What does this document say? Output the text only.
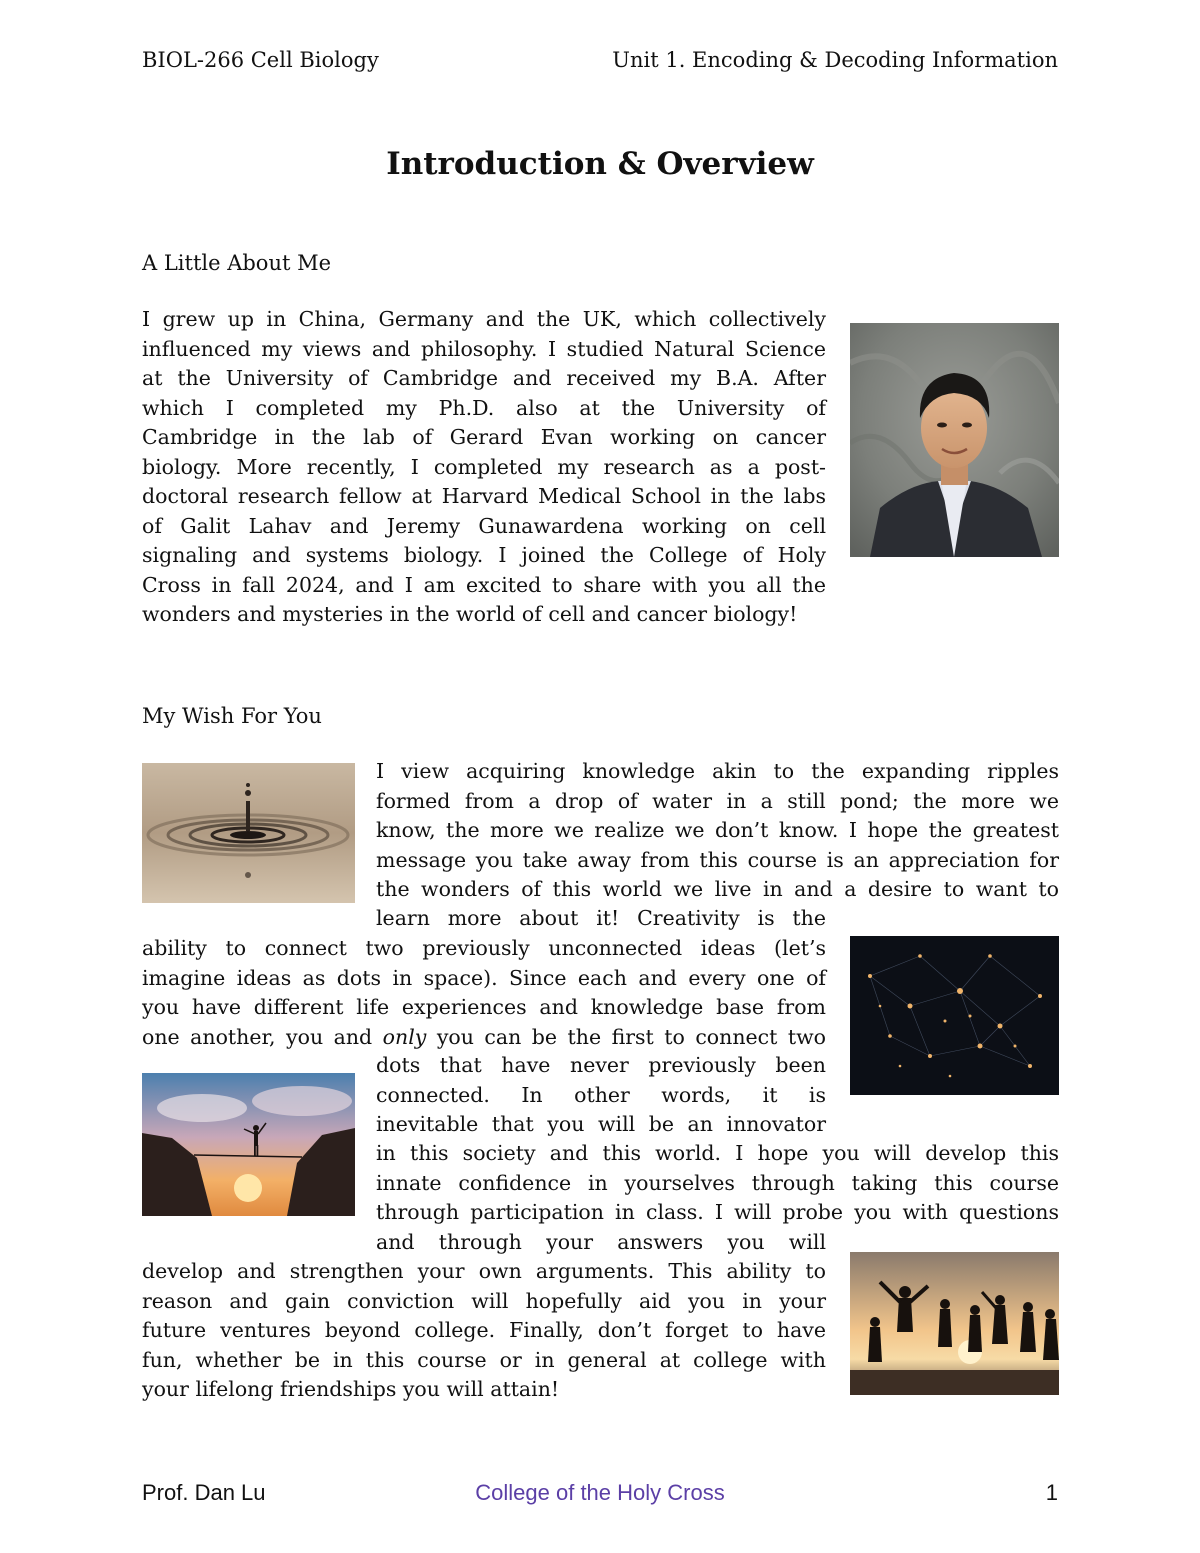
BIOL-266 Cell Biology	Unit 1. Encoding & Decoding Information
Introduction & Overview
A Little About Me

I grew up in China, Germany and the UK, which collectively
influenced my views and philosophy. I studied Natural Science
at the University of Cambridge and received my B.A. After
which I completed my Ph.D. also at the University of
Cambridge in the lab of Gerard Evan working on cancer
biology. More recently, I completed my research as a post-
doctoral research fellow at Harvard Medical School in the labs
of Galit Lahav and Jeremy Gunawardena working on cell
signaling and systems biology. I joined the College of Holy
Cross in fall 2024, and I am excited to share with you all the
wonders and mysteries in the world of cell and cancer biology!

My Wish For You

I view acquiring knowledge akin to the expanding ripples
formed from a drop of water in a still pond; the more we
know, the more we realize we don’t know. I hope the greatest
message you take away from this course is an appreciation for
the wonders of this world we live in and a desire to want to

learn more about it! Creativity is the

ability to connect two previously unconnected ideas (let’s
imagine ideas as dots in space). Since each and every one of
you have different life experiences and knowledge base from
one another, you and only you can be the first to connect two

dots that have never previously been
connected. In other words, it is
inevitable that you will be an innovator

in this society and this world. I hope you will develop this
innate confidence in yourselves through taking this course
through participation in class. I will probe you with questions

and through your answers you will

develop and strengthen your own arguments. This ability to
reason and gain conviction will hopefully aid you in your
future ventures beyond college. Finally, don’t forget to have
fun, whether be in this course or in general at college with
your lifelong friendships you will attain!

Prof. Dan Lu	College of the Holy Cross	1
